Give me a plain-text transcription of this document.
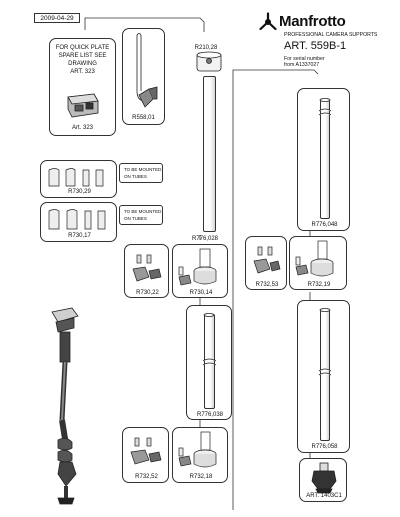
2009-04-29	Manfrotto
PROFESSIONAL CAMERA SUPPORTS
ART. 559B-1
For serial number
from A1337027
FOR QUICK PLATE
SPARE LIST SEE
DRAWING
ART. 323
Art. 323
R558,01
R210,28
R776,028
R730,29
TO BE MOUNTED
ON TUBES
R730,17
TO BE MOUNTED
ON TUBES
R776,048
R730,22	R730,14
R732,53	R732,19
R776,038
R776,058
R732,52	R732,18
ART. 1403C1
